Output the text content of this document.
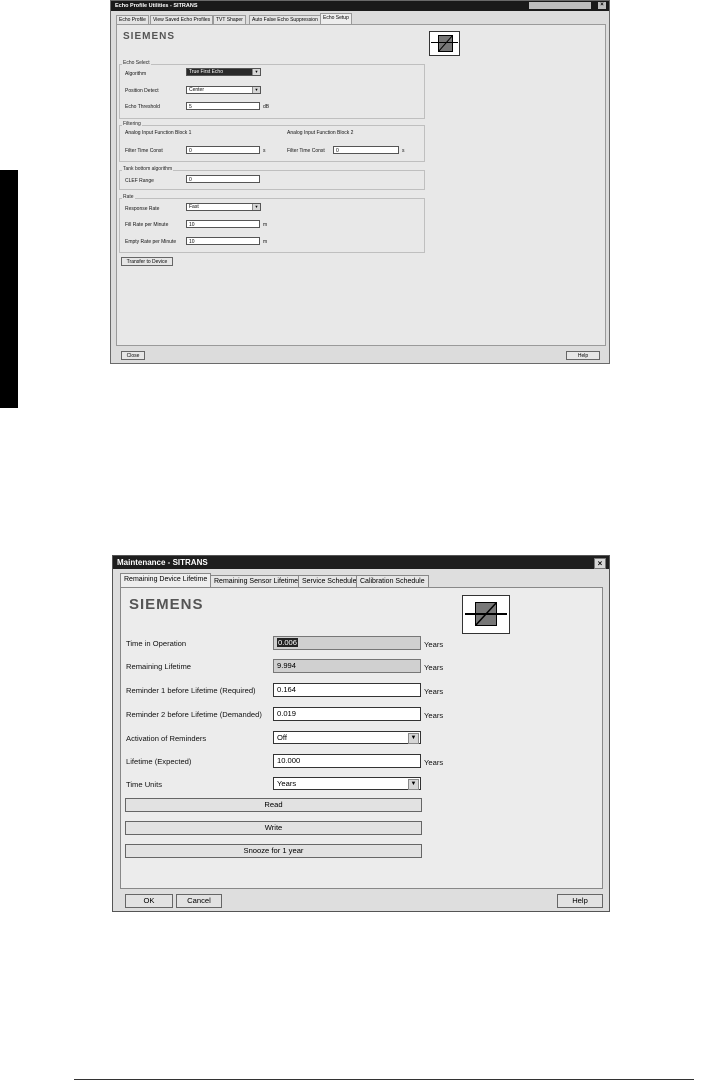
Echo Profile Utilities - SITRANS	×
Echo Profile	View Saved Echo Profiles	TVT Shaper	Auto False Echo Suppression	Echo Setup
SIEMENS
Echo Select
Algorithm	True First Echo	▼
Position Detect	Center	▼
Echo Threshold	5	dB
Filtering
Analog Input Function Block 1	Analog Input Function Block 2
Filter Time Const	0	s	Filter Time Const	0	s
Tank bottom algorithm
CLEF Range	0
Rate
Response Rate	Fast	▼
Fill Rate per Minute	10	m
Empty Rate per Minute	10	m
Transfer to Device
Close	Help
Maintenance - SITRANS	×
Remaining Device Lifetime Remaining Sensor Lifetime Service Schedule Calibration Schedule
SIEMENS
Time in Operation	0.006	Years
Remaining Lifetime	9.994	Years
Reminder 1 before Lifetime (Required)	0.164	Years
Reminder 2 before Lifetime (Demanded)	0.019	Years
Activation of Reminders	Off	▼
Lifetime (Expected)	10.000	Years
Time Units	Years	▼
Read
Write
Snooze for 1 year
OK	Cancel	Help
